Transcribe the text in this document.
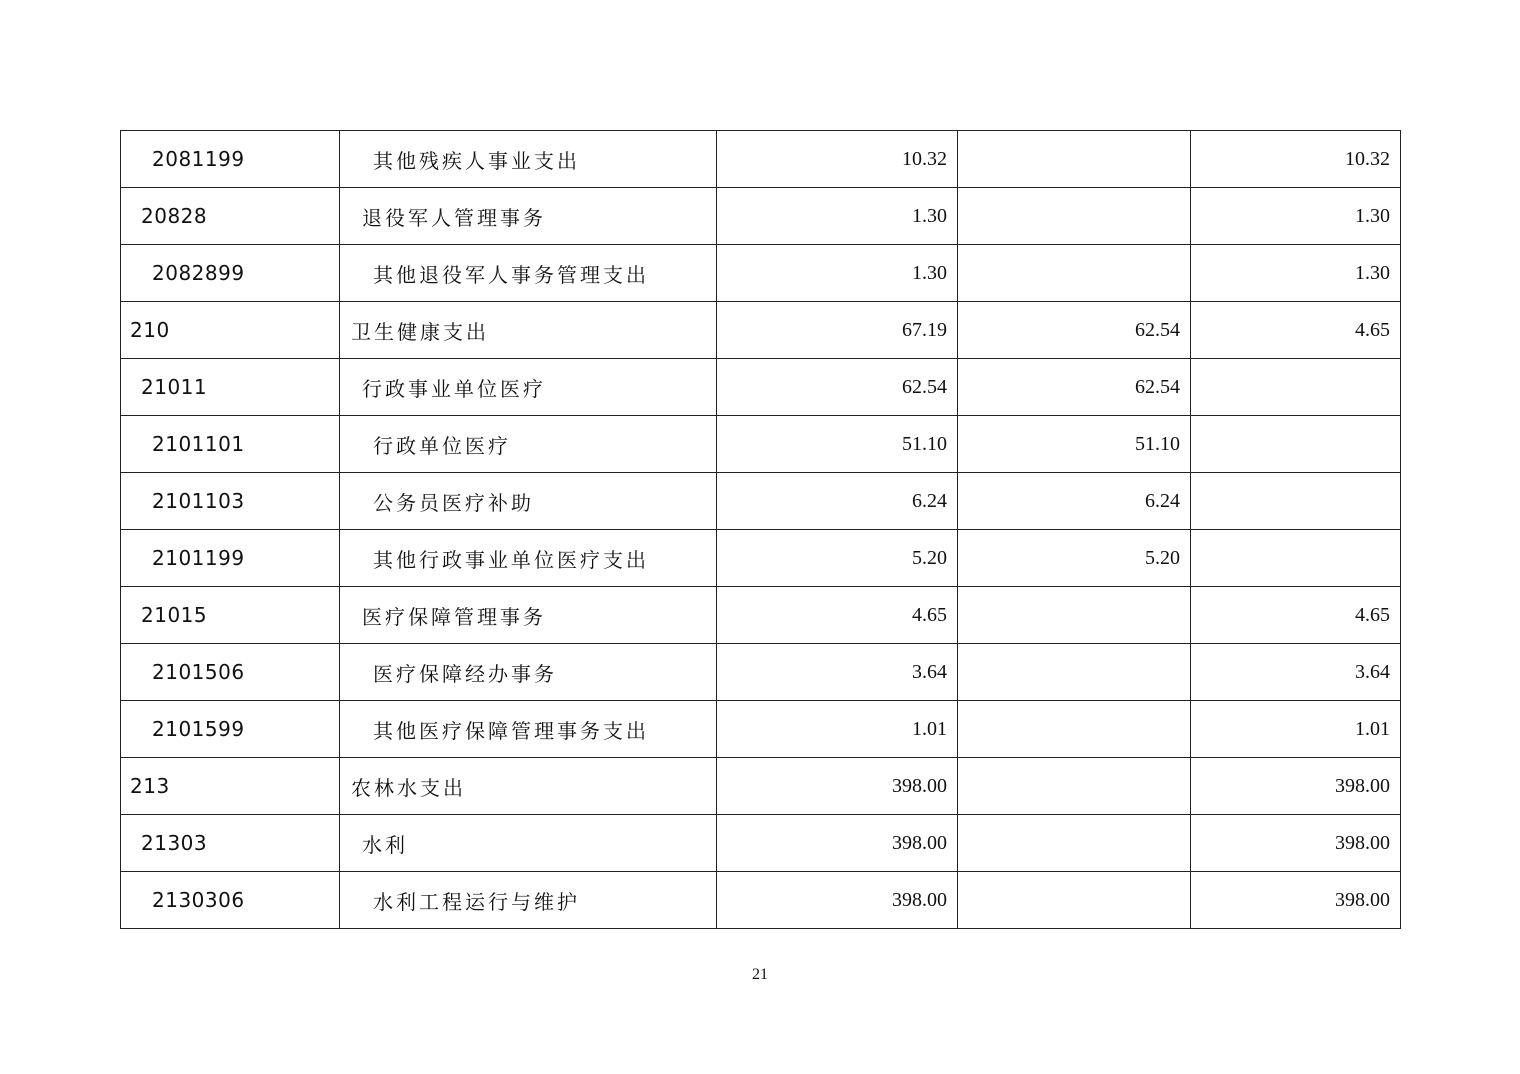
2081199	其他残疾人事业支出	10.32		10.32
20828	退役军人管理事务	1.30		1.30
2082899	其他退役军人事务管理支出	1.30		1.30
210	卫生健康支出	67.19	62.54	4.65
21011	行政事业单位医疗	62.54	62.54	
2101101	行政单位医疗	51.10	51.10	
2101103	公务员医疗补助	6.24	6.24	
2101199	其他行政事业单位医疗支出	5.20	5.20	
21015	医疗保障管理事务	4.65		4.65
2101506	医疗保障经办事务	3.64		3.64
2101599	其他医疗保障管理事务支出	1.01		1.01
213	农林水支出	398.00		398.00
21303	水利	398.00		398.00
2130306	水利工程运行与维护	398.00		398.00
21
